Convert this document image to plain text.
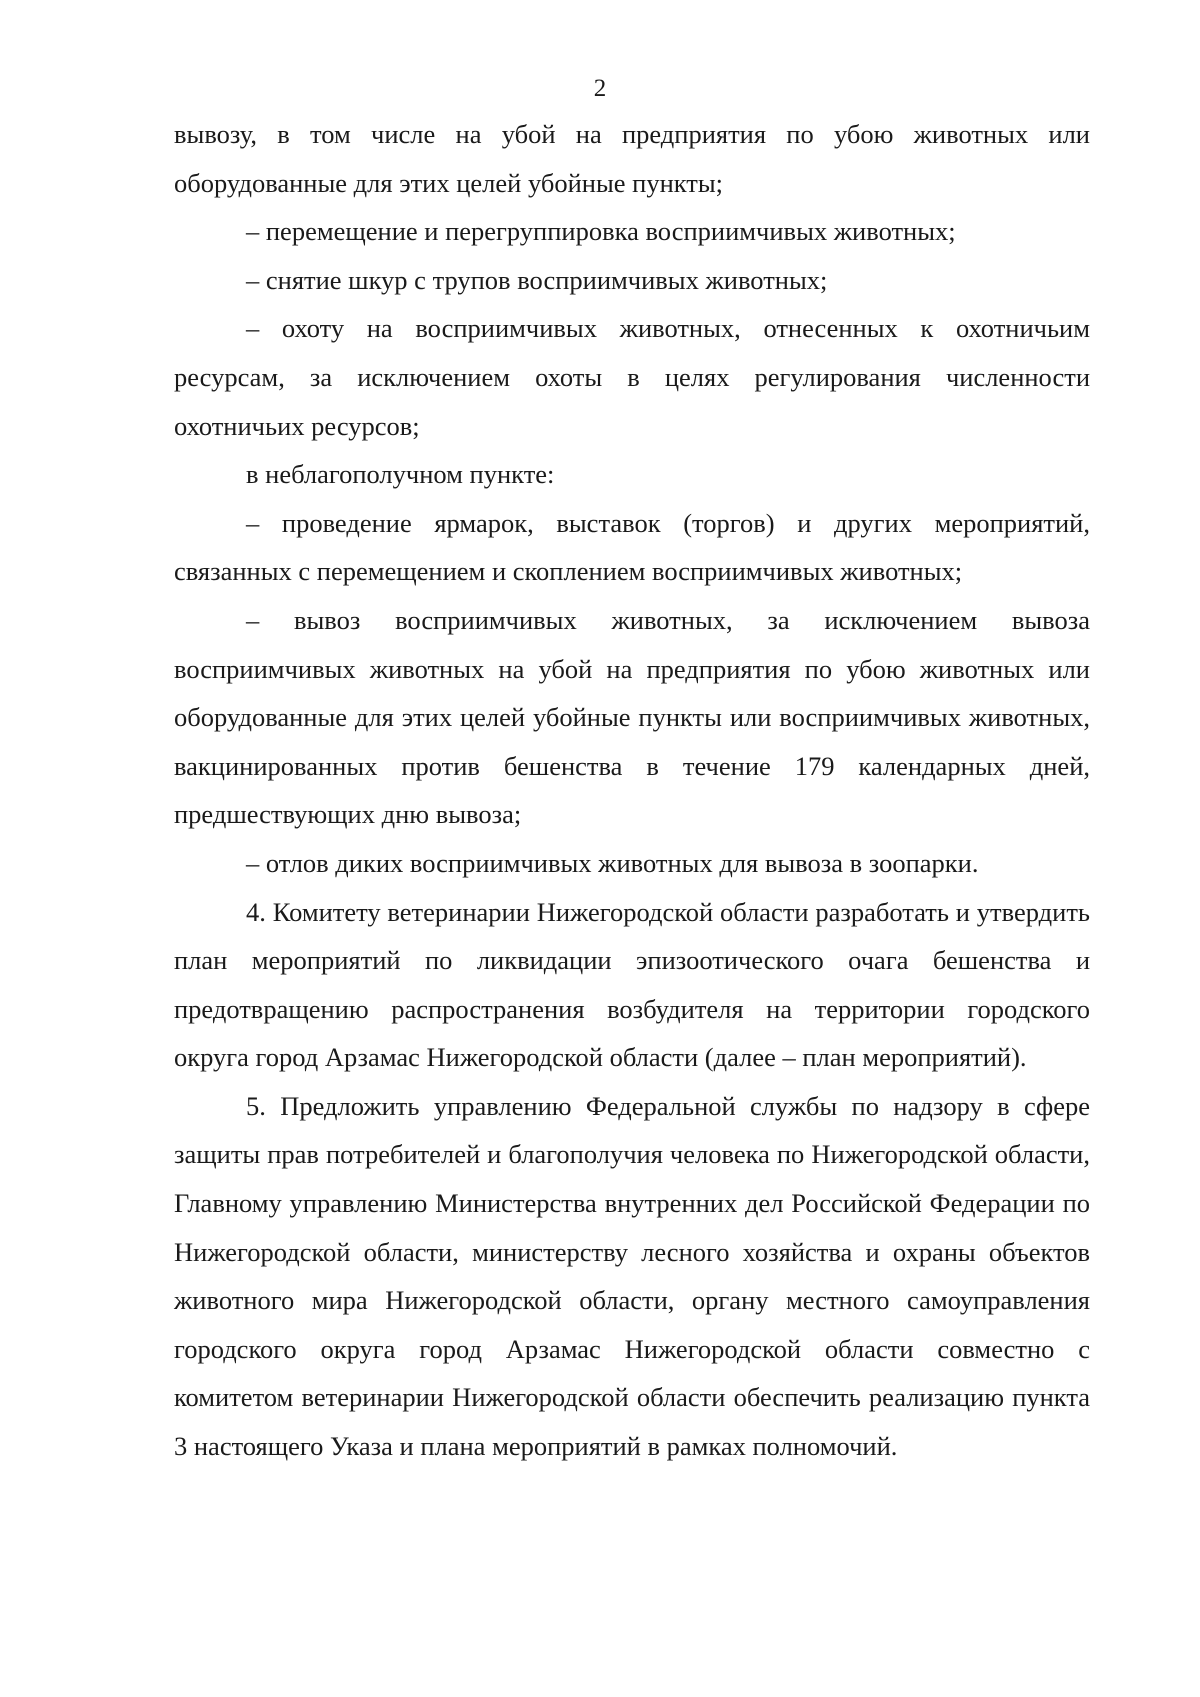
2

вывозу, в том числе на убой на предприятия по убою животных или оборудованные для этих целей убойные пункты;

– перемещение и перегруппировка восприимчивых животных;

– снятие шкур с трупов восприимчивых животных;

– охоту на восприимчивых животных, отнесенных к охотничьим ресурсам, за исключением охоты в целях регулирования численности охотничьих ресурсов;

в неблагополучном пункте:

– проведение ярмарок, выставок (торгов) и других мероприятий, связанных с перемещением и скоплением восприимчивых животных;

– вывоз восприимчивых животных, за исключением вывоза восприимчивых животных на убой на предприятия по убою животных или оборудованные для этих целей убойные пункты или восприимчивых животных, вакцинированных против бешенства в течение 179 календарных дней, предшествующих дню вывоза;

– отлов диких восприимчивых животных для вывоза в зоопарки.

4. Комитету ветеринарии Нижегородской области разработать и утвердить план мероприятий по ликвидации эпизоотического очага бешенства и предотвращению распространения возбудителя на территории городского округа город Арзамас Нижегородской области (далее – план мероприятий).

5. Предложить управлению Федеральной службы по надзору в сфере защиты прав потребителей и благополучия человека по Нижегородской области, Главному управлению Министерства внутренних дел Российской Федерации по Нижегородской области, министерству лесного хозяйства и охраны объектов животного мира Нижегородской области, органу местного самоуправления городского округа город Арзамас Нижегородской области совместно с комитетом ветеринарии Нижегородской области обеспечить реализацию пункта 3 настоящего Указа и плана мероприятий в рамках полномочий.
